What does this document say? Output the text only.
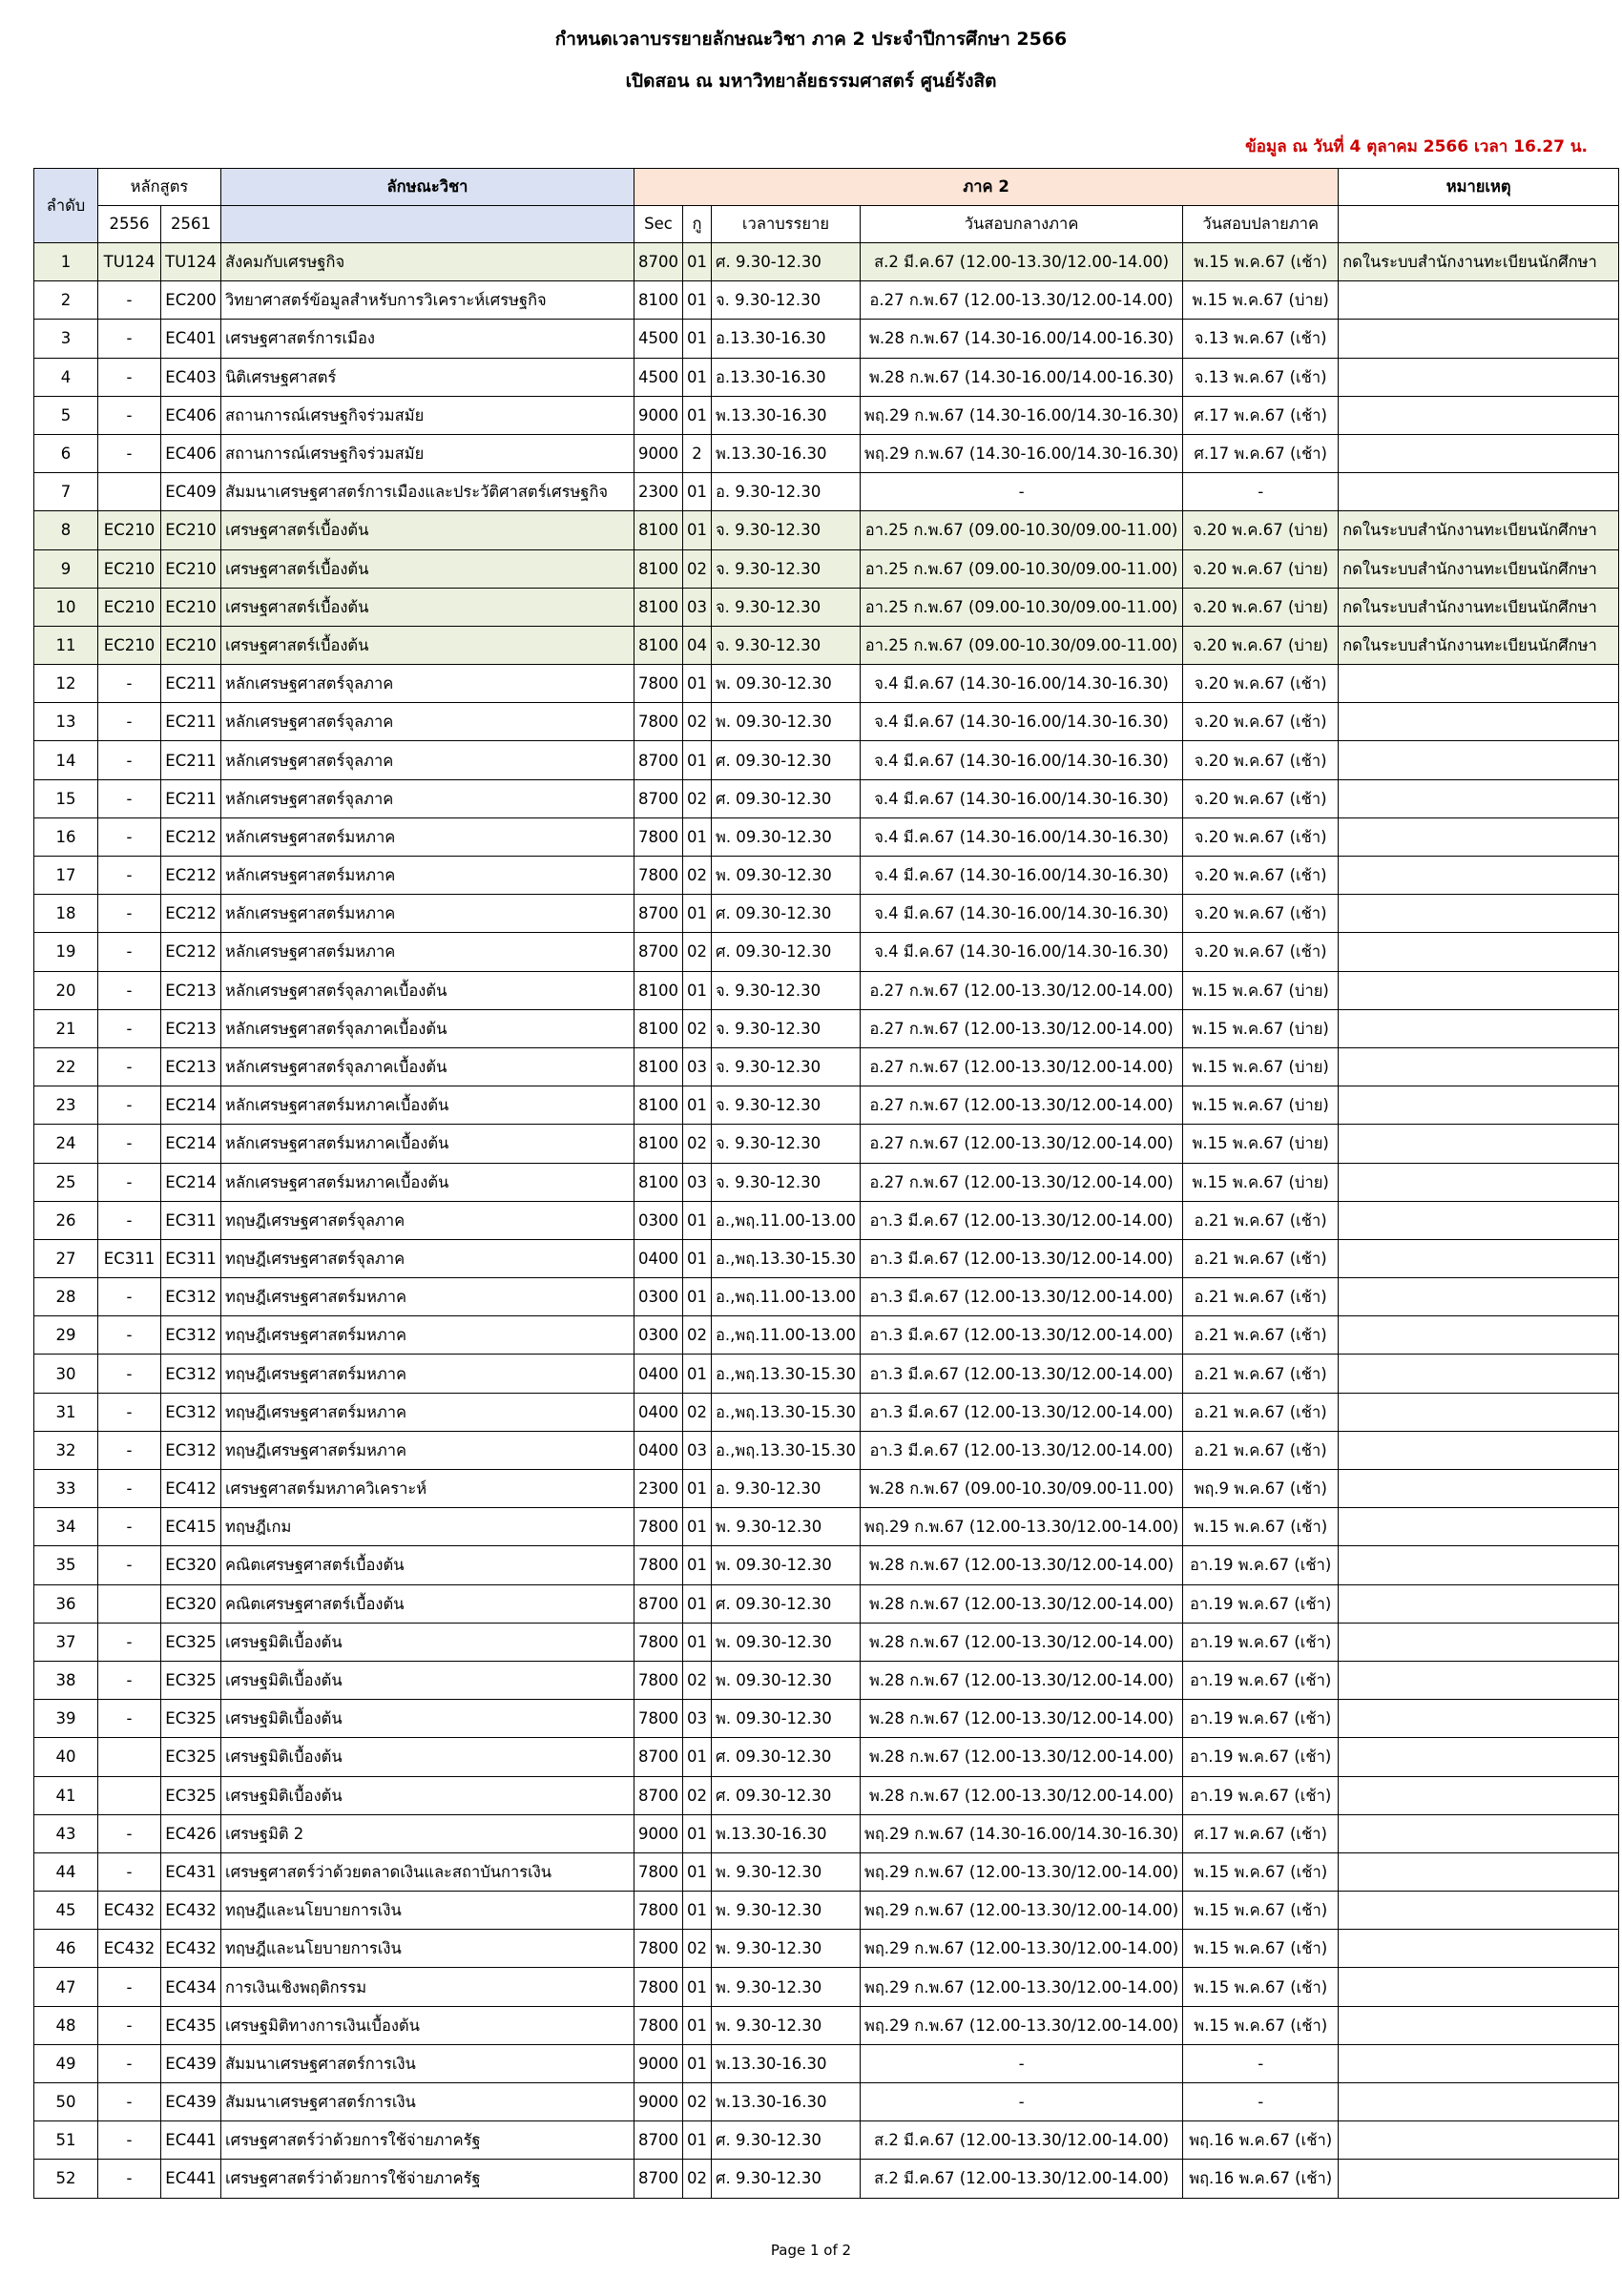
กำหนดเวลาบรรยายลักษณะวิชา ภาค 2 ประจำปีการศึกษา 2566
เปิดสอน ณ มหาวิทยาลัยธรรมศาสตร์ ศูนย์รังสิต
ข้อมูล ณ วันที่ 4 ตุลาคม 2566 เวลา 16.27 น.
ลำดับ	หลักสูตร		ลักษณะวิชา	ภาค 2					หมายเหตุ
	2556	2561		Sec	กู	เวลาบรรยาย	วันสอบกลางภาค	วันสอบปลายภาค	
1	TU124	TU124	สังคมกับเศรษฐกิจ	8700	01	ศ. 9.30-12.30	ส.2 มี.ค.67 (12.00-13.30/12.00-14.00)	พ.15 พ.ค.67 (เช้า)	กดในระบบสำนักงานทะเบียนนักศึกษา
2	-	EC200	วิทยาศาสตร์ข้อมูลสำหรับการวิเคราะห์เศรษฐกิจ	8100	01	จ. 9.30-12.30	อ.27 ก.พ.67 (12.00-13.30/12.00-14.00)	พ.15 พ.ค.67 (บ่าย)	
3	-	EC401	เศรษฐศาสตร์การเมือง	4500	01	อ.13.30-16.30	พ.28 ก.พ.67 (14.30-16.00/14.00-16.30)	จ.13 พ.ค.67 (เช้า)	
4	-	EC403	นิติเศรษฐศาสตร์	4500	01	อ.13.30-16.30	พ.28 ก.พ.67 (14.30-16.00/14.00-16.30)	จ.13 พ.ค.67 (เช้า)	
5	-	EC406	สถานการณ์เศรษฐกิจร่วมสมัย	9000	01	พ.13.30-16.30	พฤ.29 ก.พ.67 (14.30-16.00/14.30-16.30)	ศ.17 พ.ค.67 (เช้า)	
6	-	EC406	สถานการณ์เศรษฐกิจร่วมสมัย	9000	2	พ.13.30-16.30	พฤ.29 ก.พ.67 (14.30-16.00/14.30-16.30)	ศ.17 พ.ค.67 (เช้า)	
7		EC409	สัมมนาเศรษฐศาสตร์การเมืองและประวัติศาสตร์เศรษฐกิจ	2300	01	อ. 9.30-12.30	-	-	
8	EC210	EC210	เศรษฐศาสตร์เบื้องต้น	8100	01	จ. 9.30-12.30	อา.25 ก.พ.67 (09.00-10.30/09.00-11.00)	จ.20 พ.ค.67 (บ่าย)	กดในระบบสำนักงานทะเบียนนักศึกษา
9	EC210	EC210	เศรษฐศาสตร์เบื้องต้น	8100	02	จ. 9.30-12.30	อา.25 ก.พ.67 (09.00-10.30/09.00-11.00)	จ.20 พ.ค.67 (บ่าย)	กดในระบบสำนักงานทะเบียนนักศึกษา
10	EC210	EC210	เศรษฐศาสตร์เบื้องต้น	8100	03	จ. 9.30-12.30	อา.25 ก.พ.67 (09.00-10.30/09.00-11.00)	จ.20 พ.ค.67 (บ่าย)	กดในระบบสำนักงานทะเบียนนักศึกษา
11	EC210	EC210	เศรษฐศาสตร์เบื้องต้น	8100	04	จ. 9.30-12.30	อา.25 ก.พ.67 (09.00-10.30/09.00-11.00)	จ.20 พ.ค.67 (บ่าย)	กดในระบบสำนักงานทะเบียนนักศึกษา
12	-	EC211	หลักเศรษฐศาสตร์จุลภาค	7800	01	พ. 09.30-12.30	จ.4 มี.ค.67 (14.30-16.00/14.30-16.30)	จ.20 พ.ค.67 (เช้า)	
13	-	EC211	หลักเศรษฐศาสตร์จุลภาค	7800	02	พ. 09.30-12.30	จ.4 มี.ค.67 (14.30-16.00/14.30-16.30)	จ.20 พ.ค.67 (เช้า)	
14	-	EC211	หลักเศรษฐศาสตร์จุลภาค	8700	01	ศ. 09.30-12.30	จ.4 มี.ค.67 (14.30-16.00/14.30-16.30)	จ.20 พ.ค.67 (เช้า)	
15	-	EC211	หลักเศรษฐศาสตร์จุลภาค	8700	02	ศ. 09.30-12.30	จ.4 มี.ค.67 (14.30-16.00/14.30-16.30)	จ.20 พ.ค.67 (เช้า)	
16	-	EC212	หลักเศรษฐศาสตร์มหภาค	7800	01	พ. 09.30-12.30	จ.4 มี.ค.67 (14.30-16.00/14.30-16.30)	จ.20 พ.ค.67 (เช้า)	
17	-	EC212	หลักเศรษฐศาสตร์มหภาค	7800	02	พ. 09.30-12.30	จ.4 มี.ค.67 (14.30-16.00/14.30-16.30)	จ.20 พ.ค.67 (เช้า)	
18	-	EC212	หลักเศรษฐศาสตร์มหภาค	8700	01	ศ. 09.30-12.30	จ.4 มี.ค.67 (14.30-16.00/14.30-16.30)	จ.20 พ.ค.67 (เช้า)	
19	-	EC212	หลักเศรษฐศาสตร์มหภาค	8700	02	ศ. 09.30-12.30	จ.4 มี.ค.67 (14.30-16.00/14.30-16.30)	จ.20 พ.ค.67 (เช้า)	
20	-	EC213	หลักเศรษฐศาสตร์จุลภาคเบื้องต้น	8100	01	จ. 9.30-12.30	อ.27 ก.พ.67 (12.00-13.30/12.00-14.00)	พ.15 พ.ค.67 (บ่าย)	
21	-	EC213	หลักเศรษฐศาสตร์จุลภาคเบื้องต้น	8100	02	จ. 9.30-12.30	อ.27 ก.พ.67 (12.00-13.30/12.00-14.00)	พ.15 พ.ค.67 (บ่าย)	
22	-	EC213	หลักเศรษฐศาสตร์จุลภาคเบื้องต้น	8100	03	จ. 9.30-12.30	อ.27 ก.พ.67 (12.00-13.30/12.00-14.00)	พ.15 พ.ค.67 (บ่าย)	
23	-	EC214	หลักเศรษฐศาสตร์มหภาคเบื้องต้น	8100	01	จ. 9.30-12.30	อ.27 ก.พ.67 (12.00-13.30/12.00-14.00)	พ.15 พ.ค.67 (บ่าย)	
24	-	EC214	หลักเศรษฐศาสตร์มหภาคเบื้องต้น	8100	02	จ. 9.30-12.30	อ.27 ก.พ.67 (12.00-13.30/12.00-14.00)	พ.15 พ.ค.67 (บ่าย)	
25	-	EC214	หลักเศรษฐศาสตร์มหภาคเบื้องต้น	8100	03	จ. 9.30-12.30	อ.27 ก.พ.67 (12.00-13.30/12.00-14.00)	พ.15 พ.ค.67 (บ่าย)	
26	-	EC311	ทฤษฎีเศรษฐศาสตร์จุลภาค	0300	01	อ.,พฤ.11.00-13.00	อา.3 มี.ค.67 (12.00-13.30/12.00-14.00)	อ.21 พ.ค.67 (เช้า)	
27	EC311	EC311	ทฤษฎีเศรษฐศาสตร์จุลภาค	0400	01	อ.,พฤ.13.30-15.30	อา.3 มี.ค.67 (12.00-13.30/12.00-14.00)	อ.21 พ.ค.67 (เช้า)	
28	-	EC312	ทฤษฎีเศรษฐศาสตร์มหภาค	0300	01	อ.,พฤ.11.00-13.00	อา.3 มี.ค.67 (12.00-13.30/12.00-14.00)	อ.21 พ.ค.67 (เช้า)	
29	-	EC312	ทฤษฎีเศรษฐศาสตร์มหภาค	0300	02	อ.,พฤ.11.00-13.00	อา.3 มี.ค.67 (12.00-13.30/12.00-14.00)	อ.21 พ.ค.67 (เช้า)	
30	-	EC312	ทฤษฎีเศรษฐศาสตร์มหภาค	0400	01	อ.,พฤ.13.30-15.30	อา.3 มี.ค.67 (12.00-13.30/12.00-14.00)	อ.21 พ.ค.67 (เช้า)	
31	-	EC312	ทฤษฎีเศรษฐศาสตร์มหภาค	0400	02	อ.,พฤ.13.30-15.30	อา.3 มี.ค.67 (12.00-13.30/12.00-14.00)	อ.21 พ.ค.67 (เช้า)	
32	-	EC312	ทฤษฎีเศรษฐศาสตร์มหภาค	0400	03	อ.,พฤ.13.30-15.30	อา.3 มี.ค.67 (12.00-13.30/12.00-14.00)	อ.21 พ.ค.67 (เช้า)	
33	-	EC412	เศรษฐศาสตร์มหภาควิเคราะห์	2300	01	อ. 9.30-12.30	พ.28 ก.พ.67 (09.00-10.30/09.00-11.00)	พฤ.9 พ.ค.67 (เช้า)	
34	-	EC415	ทฤษฎีเกม	7800	01	พ. 9.30-12.30	พฤ.29 ก.พ.67 (12.00-13.30/12.00-14.00)	พ.15 พ.ค.67 (เช้า)	
35	-	EC320	คณิตเศรษฐศาสตร์เบื้องต้น	7800	01	พ. 09.30-12.30	พ.28 ก.พ.67 (12.00-13.30/12.00-14.00)	อา.19 พ.ค.67 (เช้า)	
36		EC320	คณิตเศรษฐศาสตร์เบื้องต้น	8700	01	ศ. 09.30-12.30	พ.28 ก.พ.67 (12.00-13.30/12.00-14.00)	อา.19 พ.ค.67 (เช้า)	
37	-	EC325	เศรษฐมิติเบื้องต้น	7800	01	พ. 09.30-12.30	พ.28 ก.พ.67 (12.00-13.30/12.00-14.00)	อา.19 พ.ค.67 (เช้า)	
38	-	EC325	เศรษฐมิติเบื้องต้น	7800	02	พ. 09.30-12.30	พ.28 ก.พ.67 (12.00-13.30/12.00-14.00)	อา.19 พ.ค.67 (เช้า)	
39	-	EC325	เศรษฐมิติเบื้องต้น	7800	03	พ. 09.30-12.30	พ.28 ก.พ.67 (12.00-13.30/12.00-14.00)	อา.19 พ.ค.67 (เช้า)	
40		EC325	เศรษฐมิติเบื้องต้น	8700	01	ศ. 09.30-12.30	พ.28 ก.พ.67 (12.00-13.30/12.00-14.00)	อา.19 พ.ค.67 (เช้า)	
41		EC325	เศรษฐมิติเบื้องต้น	8700	02	ศ. 09.30-12.30	พ.28 ก.พ.67 (12.00-13.30/12.00-14.00)	อา.19 พ.ค.67 (เช้า)	
43	-	EC426	เศรษฐมิติ 2	9000	01	พ.13.30-16.30	พฤ.29 ก.พ.67 (14.30-16.00/14.30-16.30)	ศ.17 พ.ค.67 (เช้า)	
44	-	EC431	เศรษฐศาสตร์ว่าด้วยตลาดเงินและสถาบันการเงิน	7800	01	พ. 9.30-12.30	พฤ.29 ก.พ.67 (12.00-13.30/12.00-14.00)	พ.15 พ.ค.67 (เช้า)	
45	EC432	EC432	ทฤษฎีและนโยบายการเงิน	7800	01	พ. 9.30-12.30	พฤ.29 ก.พ.67 (12.00-13.30/12.00-14.00)	พ.15 พ.ค.67 (เช้า)	
46	EC432	EC432	ทฤษฎีและนโยบายการเงิน	7800	02	พ. 9.30-12.30	พฤ.29 ก.พ.67 (12.00-13.30/12.00-14.00)	พ.15 พ.ค.67 (เช้า)	
47	-	EC434	การเงินเชิงพฤติกรรม	7800	01	พ. 9.30-12.30	พฤ.29 ก.พ.67 (12.00-13.30/12.00-14.00)	พ.15 พ.ค.67 (เช้า)	
48	-	EC435	เศรษฐมิติทางการเงินเบื้องต้น	7800	01	พ. 9.30-12.30	พฤ.29 ก.พ.67 (12.00-13.30/12.00-14.00)	พ.15 พ.ค.67 (เช้า)	
49	-	EC439	สัมมนาเศรษฐศาสตร์การเงิน	9000	01	พ.13.30-16.30	-	-	
50	-	EC439	สัมมนาเศรษฐศาสตร์การเงิน	9000	02	พ.13.30-16.30	-	-	
51	-	EC441	เศรษฐศาสตร์ว่าด้วยการใช้จ่ายภาครัฐ	8700	01	ศ. 9.30-12.30	ส.2 มี.ค.67 (12.00-13.30/12.00-14.00)	พฤ.16 พ.ค.67 (เช้า)	
52	-	EC441	เศรษฐศาสตร์ว่าด้วยการใช้จ่ายภาครัฐ	8700	02	ศ. 9.30-12.30	ส.2 มี.ค.67 (12.00-13.30/12.00-14.00)	พฤ.16 พ.ค.67 (เช้า)	
Page 1 of 2
